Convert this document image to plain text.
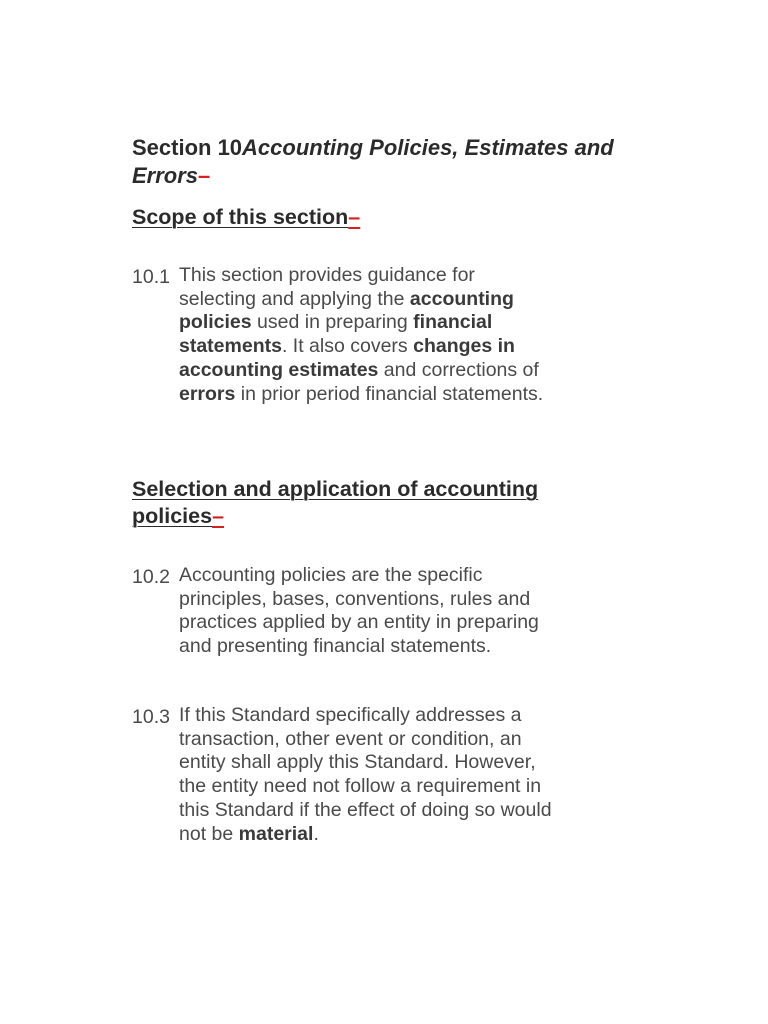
Section 10Accounting Policies, Estimates and Errors–
Scope of this section–
10.1 This section provides guidance for selecting and applying the accounting policies used in preparing financial statements. It also covers changes in accounting estimates and corrections of errors in prior period financial statements.
Selection and application of accounting policies–
10.2 Accounting policies are the specific principles, bases, conventions, rules and practices applied by an entity in preparing and presenting financial statements.
10.3 If this Standard specifically addresses a transaction, other event or condition, an entity shall apply this Standard. However, the entity need not follow a requirement in this Standard if the effect of doing so would not be material.
